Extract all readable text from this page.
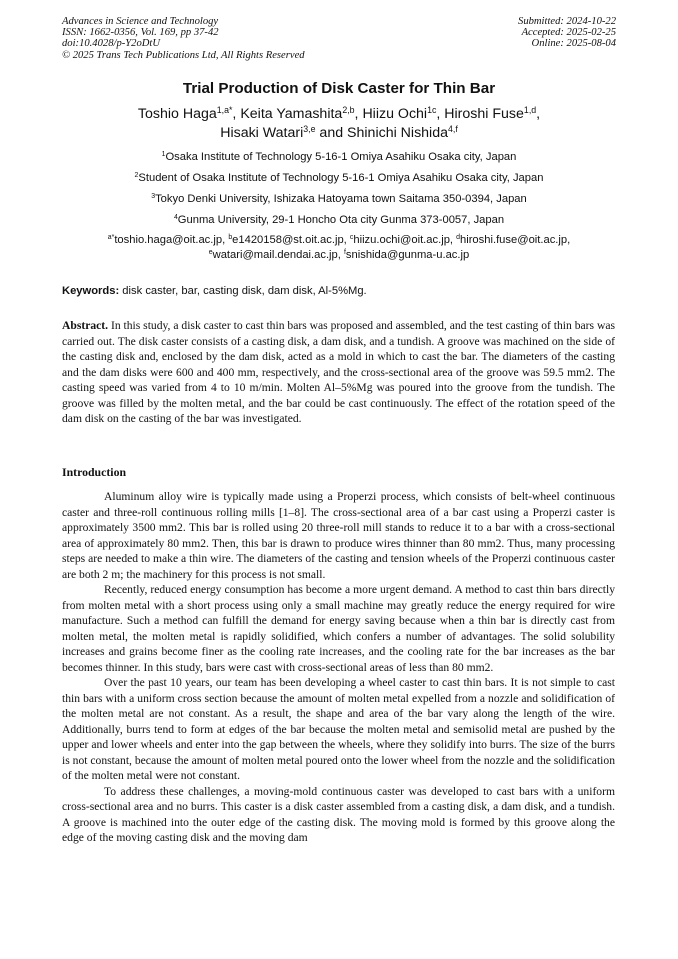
Advances in Science and Technology
ISSN: 1662-0356, Vol. 169, pp 37-42
doi:10.4028/p-Y2oDtU
© 2025 Trans Tech Publications Ltd, All Rights Reserved
Submitted: 2024-10-22
Accepted: 2025-02-25
Online: 2025-08-04
Trial Production of Disk Caster for Thin Bar
Toshio Haga$^{1,a*}$, Keita Yamashita$^{2,b}$, Hiizu Ochi$^{1c}$, Hiroshi Fuse$^{1,d}$,
Hisaki Watari$^{3,e}$ and Shinichi Nishida$^{4,f}$
$^1$Osaka Institute of Technology 5-16-1 Omiya Asahiku Osaka city, Japan
$^2$Student of Osaka Institute of Technology 5-16-1 Omiya Asahiku Osaka city, Japan
$^3$Tokyo Denki University, Ishizaka Hatoyama town Saitama 350-0394, Japan
$^4$Gunma University, 29-1 Honcho Ota city Gunma 373-0057, Japan
$^{a*}$toshio.haga@oit.ac.jp, $^b$e1420158@st.oit.ac.jp, $^c$hiizu.ochi@oit.ac.jp, $^d$hiroshi.fuse@oit.ac.jp,
$^e$watari@mail.dendai.ac.jp, $^f$snishida@gunma-u.ac.jp
Keywords: disk caster, bar, casting disk, dam disk, Al-5%Mg.
Abstract. In this study, a disk caster to cast thin bars was proposed and assembled, and the test casting of thin bars was carried out. The disk caster consists of a casting disk, a dam disk, and a tundish. A groove was machined on the side of the casting disk and, enclosed by the dam disk, acted as a mold in which to cast the bar. The diameters of the casting and the dam disks were 600 and 400 mm, respectively, and the cross-sectional area of the groove was 59.5 mm2. The casting speed was varied from 4 to 10 m/min. Molten Al–5%Mg was poured into the groove from the tundish. The groove was filled by the molten metal, and the bar could be cast continuously. The effect of the rotation speed of the dam disk on the casting of the bar was investigated.
Introduction

Aluminum alloy wire is typically made using a Properzi process, which consists of belt-wheel continuous caster and three-roll continuous rolling mills [1–8]. The cross-sectional area of a bar cast using a Properzi caster is approximately 3500 mm2. This bar is rolled using 20 three-roll mill stands to reduce it to a bar with a cross-sectional area of approximately 80 mm2. Then, this bar is drawn to produce wires thinner than 80 mm2. Thus, many processing steps are needed to make a thin wire. The diameters of the casting and tension wheels of the Properzi continuous caster are both 2 m; the machinery for this process is not small.

Recently, reduced energy consumption has become a more urgent demand. A method to cast thin bars directly from molten metal with a short process using only a small machine may greatly reduce the energy required for wire manufacture. Such a method can fulfill the demand for energy saving because when a thin bar is directly cast from molten metal, the molten metal is rapidly solidified, which confers a number of advantages. The solid solubility increases and grains become finer as the cooling rate increases, and the cooling rate for the bar increases as the bar becomes thinner. In this study, bars were cast with cross-sectional areas of less than 80 mm2.

Over the past 10 years, our team has been developing a wheel caster to cast thin bars. It is not simple to cast thin bars with a uniform cross section because the amount of molten metal expelled from a nozzle and solidification of the molten metal are not constant. As a result, the shape and area of the bar vary along the length of the wire. Additionally, burrs tend to form at edges of the bar because the molten metal and semisolid metal are pushed by the upper and lower wheels and enter into the gap between the wheels, where they solidify into burrs. The size of the burrs is not constant, because the amount of molten metal poured onto the lower wheel from the nozzle and the solidification of the molten metal were not constant.

To address these challenges, a moving-mold continuous caster was developed to cast bars with a uniform cross-sectional area and no burrs. This caster is a disk caster assembled from a casting disk, a dam disk, and a tundish. A groove is machined into the outer edge of the casting disk. The moving mold is formed by this groove along the edge of the moving casting disk and the moving dam
